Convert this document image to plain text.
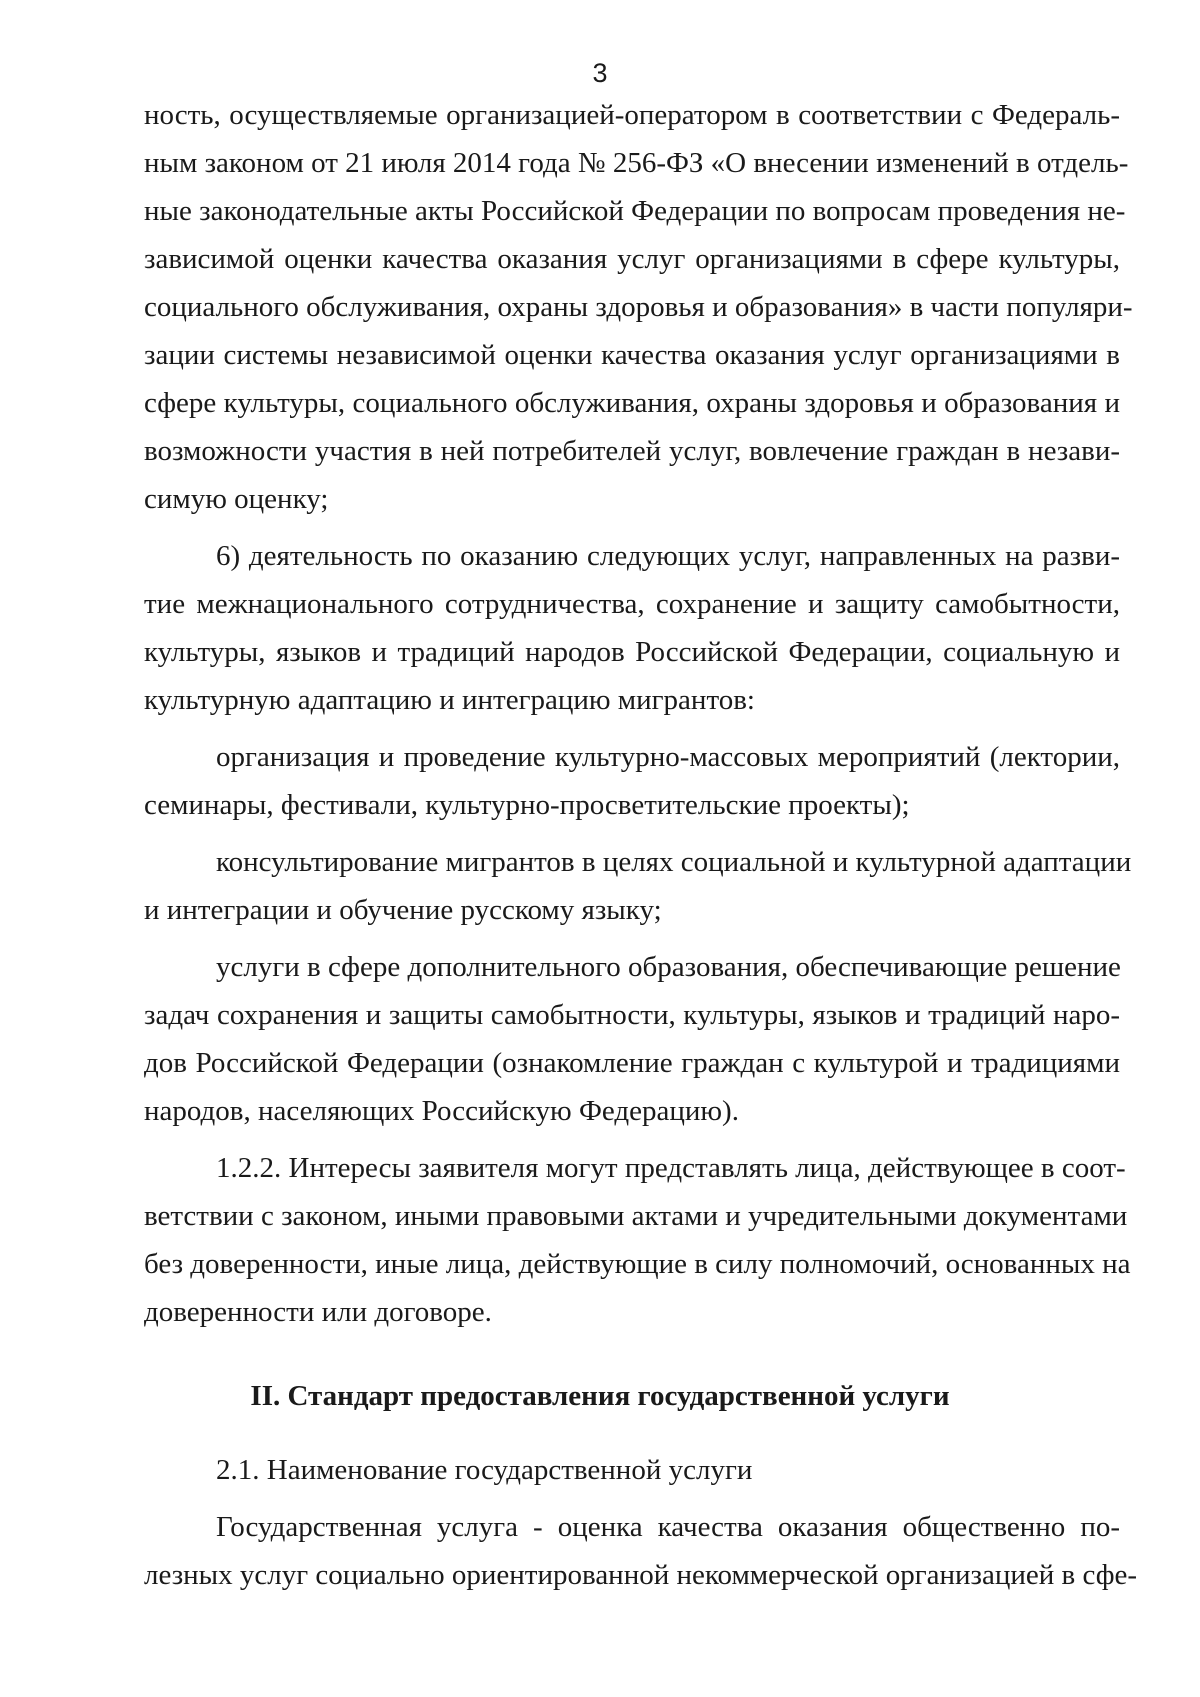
3
ность, осуществляемые организацией-оператором в соответствии с Федераль-
ным законом от 21 июля 2014 года № 256-ФЗ «О внесении изменений в отдель-
ные законодательные акты Российской Федерации по вопросам проведения не-
зависимой оценки качества оказания услуг организациями в сфере культуры,
социального обслуживания, охраны здоровья и образования» в части популяри-
зации системы независимой оценки качества оказания услуг организациями в
сфере культуры, социального обслуживания, охраны здоровья и образования и
возможности участия в ней потребителей услуг, вовлечение граждан в незави-
симую оценку;
6) деятельность по оказанию следующих услуг, направленных на разви-
тие межнационального сотрудничества, сохранение и защиту самобытности,
культуры, языков и традиций народов Российской Федерации, социальную и
культурную адаптацию и интеграцию мигрантов:
организация и проведение культурно-массовых мероприятий (лектории,
семинары, фестивали, культурно-просветительские проекты);
консультирование мигрантов в целях социальной и культурной адаптации
и интеграции и обучение русскому языку;
услуги в сфере дополнительного образования, обеспечивающие решение
задач сохранения и защиты самобытности, культуры, языков и традиций наро-
дов Российской Федерации (ознакомление граждан с культурой и традициями
народов, населяющих Российскую Федерацию).
1.2.2. Интересы заявителя могут представлять лица, действующее в соот-
ветствии с законом, иными правовыми актами и учредительными документами
без доверенности, иные лица, действующие в силу полномочий, основанных на
доверенности или договоре.
2.1. Наименование государственной услуги
Государственная услуга - оценка качества оказания общественно по-
лезных услуг социально ориентированной некоммерческой организацией в сфе-
II. Стандарт предоставления государственной услуги
